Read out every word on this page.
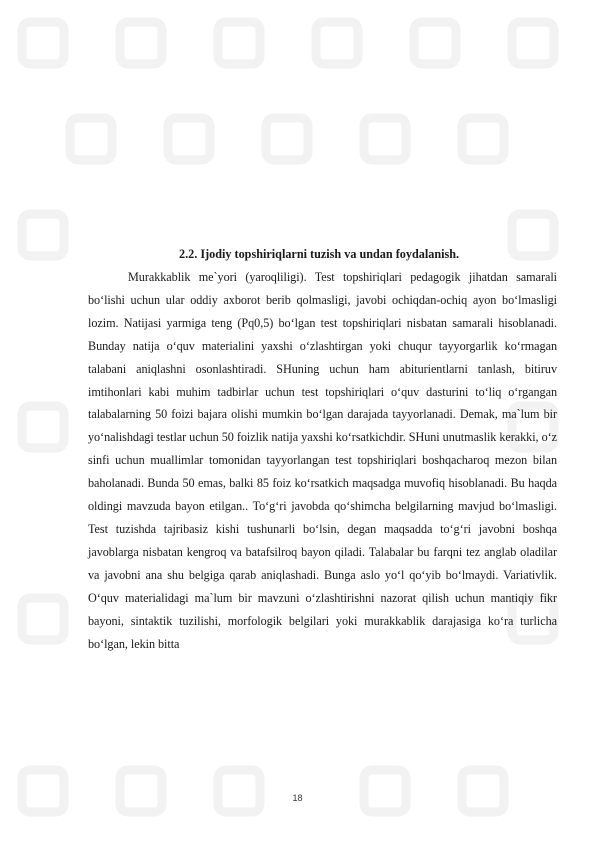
2.2. Ijodiy topshiriqlarni tuzish va undan foydalanish.

Murakkablik me`yori (yaroqliligi). Test topshiriqlari pedagogik jihatdan samarali bo‘lishi uchun ular oddiy axborot berib qolmasligi, javobi ochiqdan-ochiq ayon bo‘lmasligi lozim. Natijasi yarmiga teng (Pq0,5) bo‘lgan test topshiriqlari nisbatan samarali hisoblanadi. Bunday natija o‘quv materialini yaxshi o‘zlashtirgan yoki chuqur tayyorgarlik ko‘rmagan talabani aniqlashni osonlashtiradi. SHuning uchun ham abiturientlarni tanlash, bitiruv imtihonlari kabi muhim tadbirlar uchun test topshiriqlari o‘quv dasturini to‘liq o‘rgangan talabalarning 50 foizi bajara olishi mumkin bo‘lgan darajada tayyorlanadi. Demak, ma`lum bir yo‘nalishdagi testlar uchun 50 foizlik natija yaxshi ko‘rsatkichdir. SHuni unutmaslik kerakki, o‘z sinfi uchun muallimlar tomonidan tayyorlangan test topshiriqlari boshqacharoq mezon bilan baholanadi. Bunda 50 emas, balki 85 foiz ko‘rsatkich maqsadga muvofiq hisoblanadi. Bu haqda oldingi mavzuda bayon etilgan.. To‘g‘ri javobda qo‘shimcha belgilarning mavjud bo‘lmasligi. Test tuzishda tajribasiz kishi tushunarli bo‘lsin, degan maqsadda to‘g‘ri javobni boshqa javoblarga nisbatan kengroq va batafsilroq bayon qiladi. Talabalar bu farqni tez anglab oladilar va javobni ana shu belgiga qarab aniqlashadi. Bunga aslo yo‘l qo‘yib bo‘lmaydi. Variativlik. O‘quv materialidagi ma`lum bir mavzuni o‘zlashtirishni nazorat qilish uchun mantiqiy fikr bayoni, sintaktik tuzilishi, morfologik belgilari yoki murakkablik darajasiga ko‘ra turlicha bo‘lgan, lekin bitta

18
